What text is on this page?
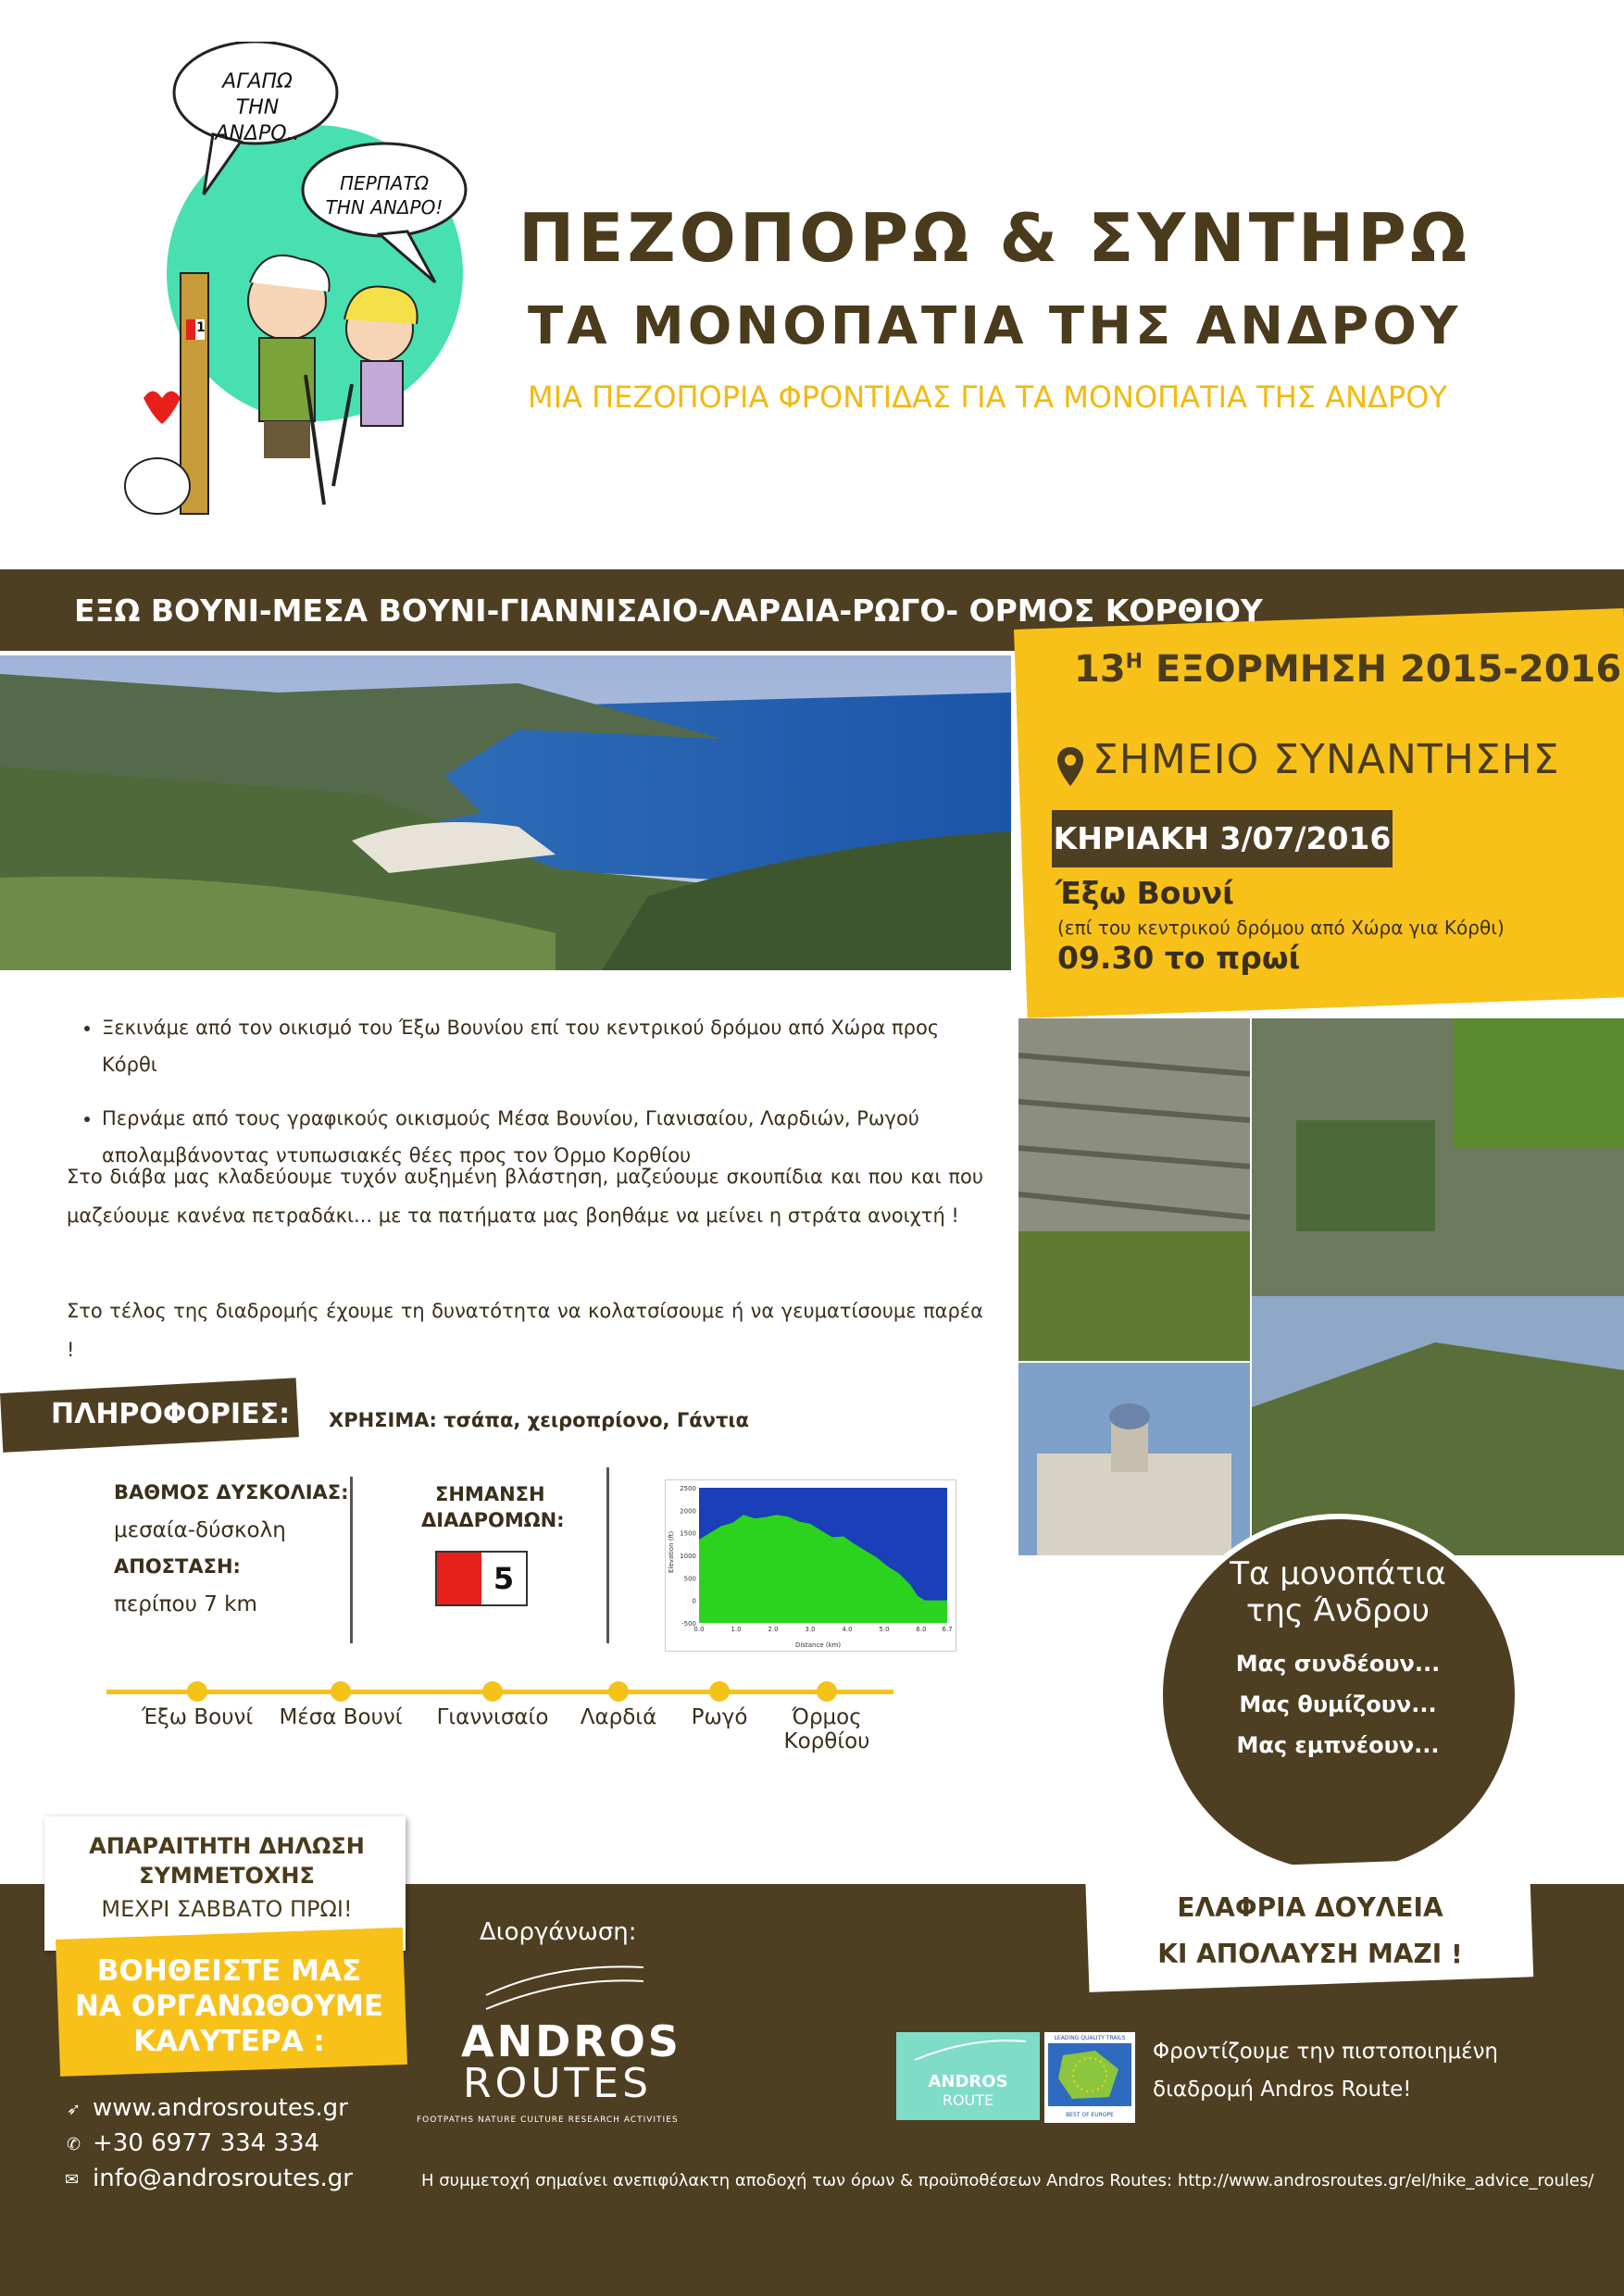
ΑΓΑΠΩ ΤΗΝ ΑΝΔΡΟ..
ΠΕΡΠΑΤΩ ΤΗΝ ΑΝΔΡΟ!
1
ΠΕΖΟΠΟΡΩ & ΣΥΝΤΗΡΩ
ΤΑ ΜΟΝΟΠΑΤΙΑ ΤΗΣ ΑΝΔΡΟΥ
ΜΙΑ ΠΕΖΟΠΟΡΙΑ ΦΡΟΝΤΙΔΑΣ ΓΙΑ ΤΑ ΜΟΝΟΠΑΤΙΑ ΤΗΣ ΑΝΔΡΟΥ
ΕΞΩ ΒΟΥΝΙ-ΜΕΣΑ ΒΟΥΝΙ-ΓΙΑΝΝΙΣΑΙΟ-ΛΑΡΔΙΑ-ΡΩΓΟ- ΟΡΜΟΣ ΚΟΡΘΙΟΥ
$13^H$ ΕΞΟΡΜΗΣΗ 2015-2016
ΣΗΜΕΙΟ ΣΥΝΑΝΤΗΣΗΣ
ΚΗΡΙΑΚΗ 3/07/2016
Έξω Βουνί
(επί του κεντρικού δρόμου από Χώρα για Κόρθι)
09.30 το πρωί
• Ξεκινάμε από τον οικισμό του Έξω Βουνίου επί του κεντρικού δρόμου από Χώρα προς Κόρθι
• Περνάμε από τους γραφικούς οικισμούς Μέσα Βουνίου, Γιανισαίου, Λαρδιών, Ρωγού απολαμβάνοντας ντυπωσιακές θέες προς τον Όρμο Κορθίου
Στο διάβα μας κλαδεύουμε τυχόν αυξημένη βλάστηση, μαζεύουμε σκουπίδια και που και που μαζεύουμε κανένα πετραδάκι... με τα πατήματα μας βοηθάμε να μείνει η στράτα ανοιχτή !
Στο τέλος της διαδρομής έχουμε τη δυνατότητα να κολατσίσουμε ή να γευματίσουμε παρέα !
ΠΛΗΡΟΦΟΡΙΕΣ: ΧΡΗΣΙΜΑ: τσάπα, χειροπρίονο, Γάντια
ΒΑΘΜΟΣ ΔΥΣΚΟΛΙΑΣ:
μεσαία-δύσκολη
ΑΠΟΣΤΑΣΗ:
περίπου 7 km
ΣΗΜΑΝΣΗ
ΔΙΑΔΡΟΜΩΝ:
5
2500
2000
1500
1000
500
0
-500
0.0	1.0	2.0	3.0	4.0	5.0	6.0 6.7
Elevation (ft)
Distance (km)
Έξω Βουνί	Μέσα Βουνί	Γιαννισαίο	Λαρδιά	Ρωγό	Όρμος Κορθίου
Τα μονοπάτια
της Άνδρου
Μας συνδέουν...
Μας θυμίζουν...
Μας εμπνέουν...
ΑΠΑΡΑΙΤΗΤΗ ΔΗΛΩΣΗ
ΣΥΜΜΕΤΟΧΗΣ
ΜΕΧΡΙ ΣΑΒΒΑΤΟ ΠΡΩΙ!
ΒΟΗΘΕΙΣΤΕ ΜΑΣ
ΝΑ ΟΡΓΑΝΩΘΟΥΜΕ
ΚΑΛΥΤΕΡΑ :
Διοργάνωση:
ANDROS
ROUTES
FOOTPATHS NATURE CULTURE RESEARCH ACTIVITIES
➶ www.androsroutes.gr
✆ +30 6977 334 334
✉ info@androsroutes.gr
ΕΛΑΦΡΙΑ ΔΟΥΛΕΙΑ
ΚΙ ΑΠΟΛΑΥΣΗ ΜΑΖΙ !
ANDROS
ROUTE
LEADING QUALITY TRAILS
BEST OF EUROPE
Φροντίζουμε την πιστοποιημένη
διαδρομή Andros Route!
Η συμμετοχή σημαίνει ανεπιφύλακτη αποδοχή των όρων & προϋποθέσεων Andros Routes: http://www.androsroutes.gr/el/hike_advice_roules/
